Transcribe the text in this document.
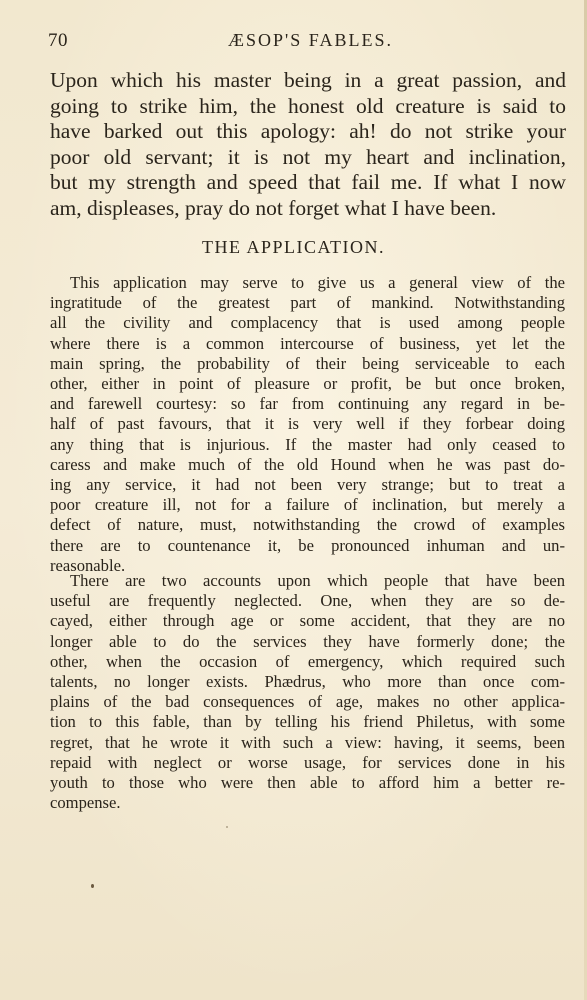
70	ÆSOP'S FABLES.
Upon which his master being in a great passion, and
going to strike him, the honest old creature is said to
have barked out this apology: ah! do not strike your
poor old servant; it is not my heart and inclination,
but my strength and speed that fail me. If what I now
am, displeases, pray do not forget what I have been.
THE APPLICATION.
This application may serve to give us a general view of the
ingratitude of the greatest part of mankind. Notwithstanding
all the civility and complacency that is used among people
where there is a common intercourse of business, yet let the
main spring, the probability of their being serviceable to each
other, either in point of pleasure or profit, be but once broken,
and farewell courtesy: so far from continuing any regard in be-
half of past favours, that it is very well if they forbear doing
any thing that is injurious. If the master had only ceased to
caress and make much of the old Hound when he was past do-
ing any service, it had not been very strange; but to treat a
poor creature ill, not for a failure of inclination, but merely a
defect of nature, must, notwithstanding the crowd of examples
there are to countenance it, be pronounced inhuman and un-
reasonable.
There are two accounts upon which people that have been
useful are frequently neglected. One, when they are so de-
cayed, either through age or some accident, that they are no
longer able to do the services they have formerly done; the
other, when the occasion of emergency, which required such
talents, no longer exists. Phædrus, who more than once com-
plains of the bad consequences of age, makes no other applica-
tion to this fable, than by telling his friend Philetus, with some
regret, that he wrote it with such a view: having, it seems, been
repaid with neglect or worse usage, for services done in his
youth to those who were then able to afford him a better re-
compense.
